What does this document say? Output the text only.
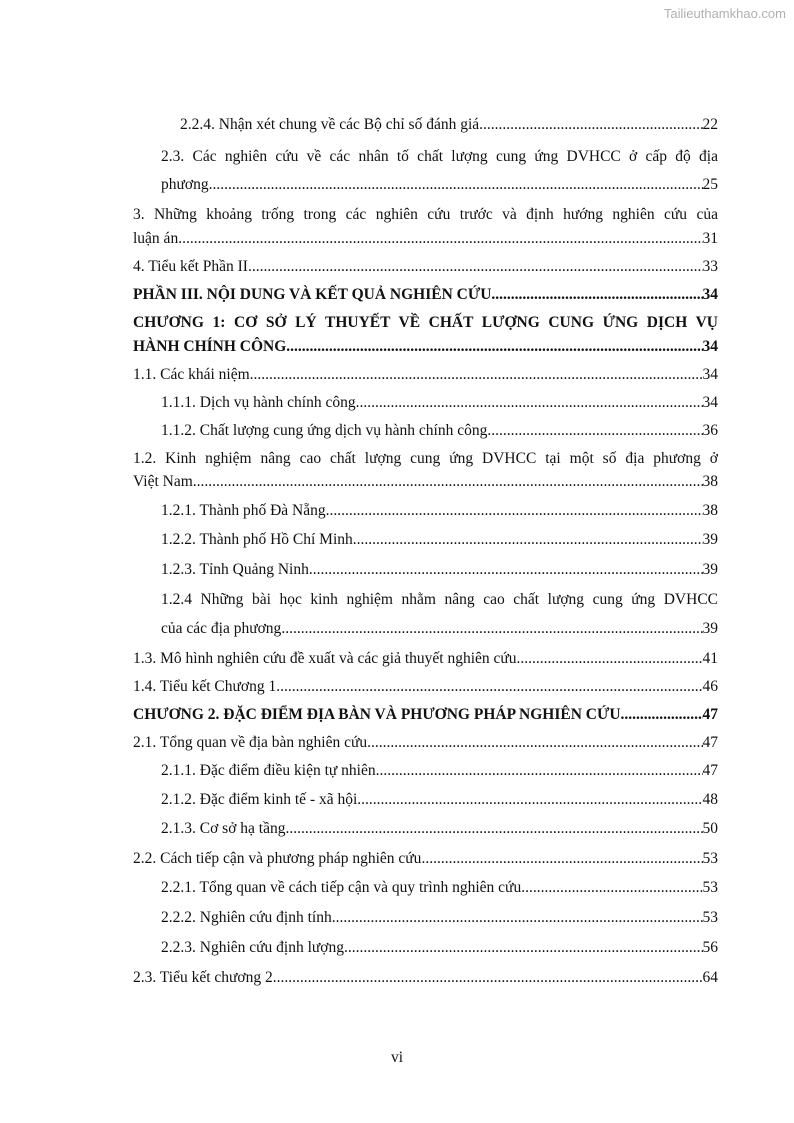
Tailieuthamkhao.com
2.2.4. Nhận xét chung về các Bộ chỉ số đánh giá .....	22
2.3. Các nghiên cứu về các nhân tố chất lượng cung ứng DVHCC ở cấp độ địa
phương .....	25
3. Những khoảng trống trong các nghiên cứu trước và định hướng nghiên cứu của
luận án .....	31
4. Tiểu kết Phần II .....	33
PHẦN III. NỘI DUNG VÀ KẾT QUẢ NGHIÊN CỨU .....	34
CHƯƠNG 1: CƠ SỞ LÝ THUYẾT VỀ CHẤT LƯỢNG CUNG ỨNG DỊCH VỤ
HÀNH CHÍNH CÔNG .....	34
1.1. Các khái niệm .....	34
1.1.1. Dịch vụ hành chính công .....	34
1.1.2. Chất lượng cung ứng dịch vụ hành chính công .....	36
1.2. Kinh nghiệm nâng cao chất lượng cung ứng DVHCC tại một số địa phương ở
Việt Nam .....	38
1.2.1. Thành phố Đà Nẵng .....	38
1.2.2. Thành phố Hồ Chí Minh .....	39
1.2.3. Tỉnh Quảng Ninh .....	39
1.2.4 Những bài học kinh nghiệm nhằm nâng cao chất lượng cung ứng DVHCC
của các địa phương .....	39
1.3. Mô hình nghiên cứu đề xuất và các giả thuyết nghiên cứu .....	41
1.4. Tiểu kết Chương 1 .....	46
CHƯƠNG 2. ĐẶC ĐIỂM ĐỊA BÀN VÀ PHƯƠNG PHÁP NGHIÊN CỨU .....	47
2.1. Tổng quan về địa bàn nghiên cứu .....	47
2.1.1. Đặc điểm điều kiện tự nhiên .....	47
2.1.2. Đặc điểm kinh tế - xã hội .....	48
2.1.3. Cơ sở hạ tầng .....	50
2.2. Cách tiếp cận và phương pháp nghiên cứu .....	53
2.2.1. Tổng quan về cách tiếp cận và quy trình nghiên cứu .....	53
2.2.2. Nghiên cứu định tính .....	53
2.2.3. Nghiên cứu định lượng .....	56
2.3. Tiểu kết chương 2 .....	64
vi
